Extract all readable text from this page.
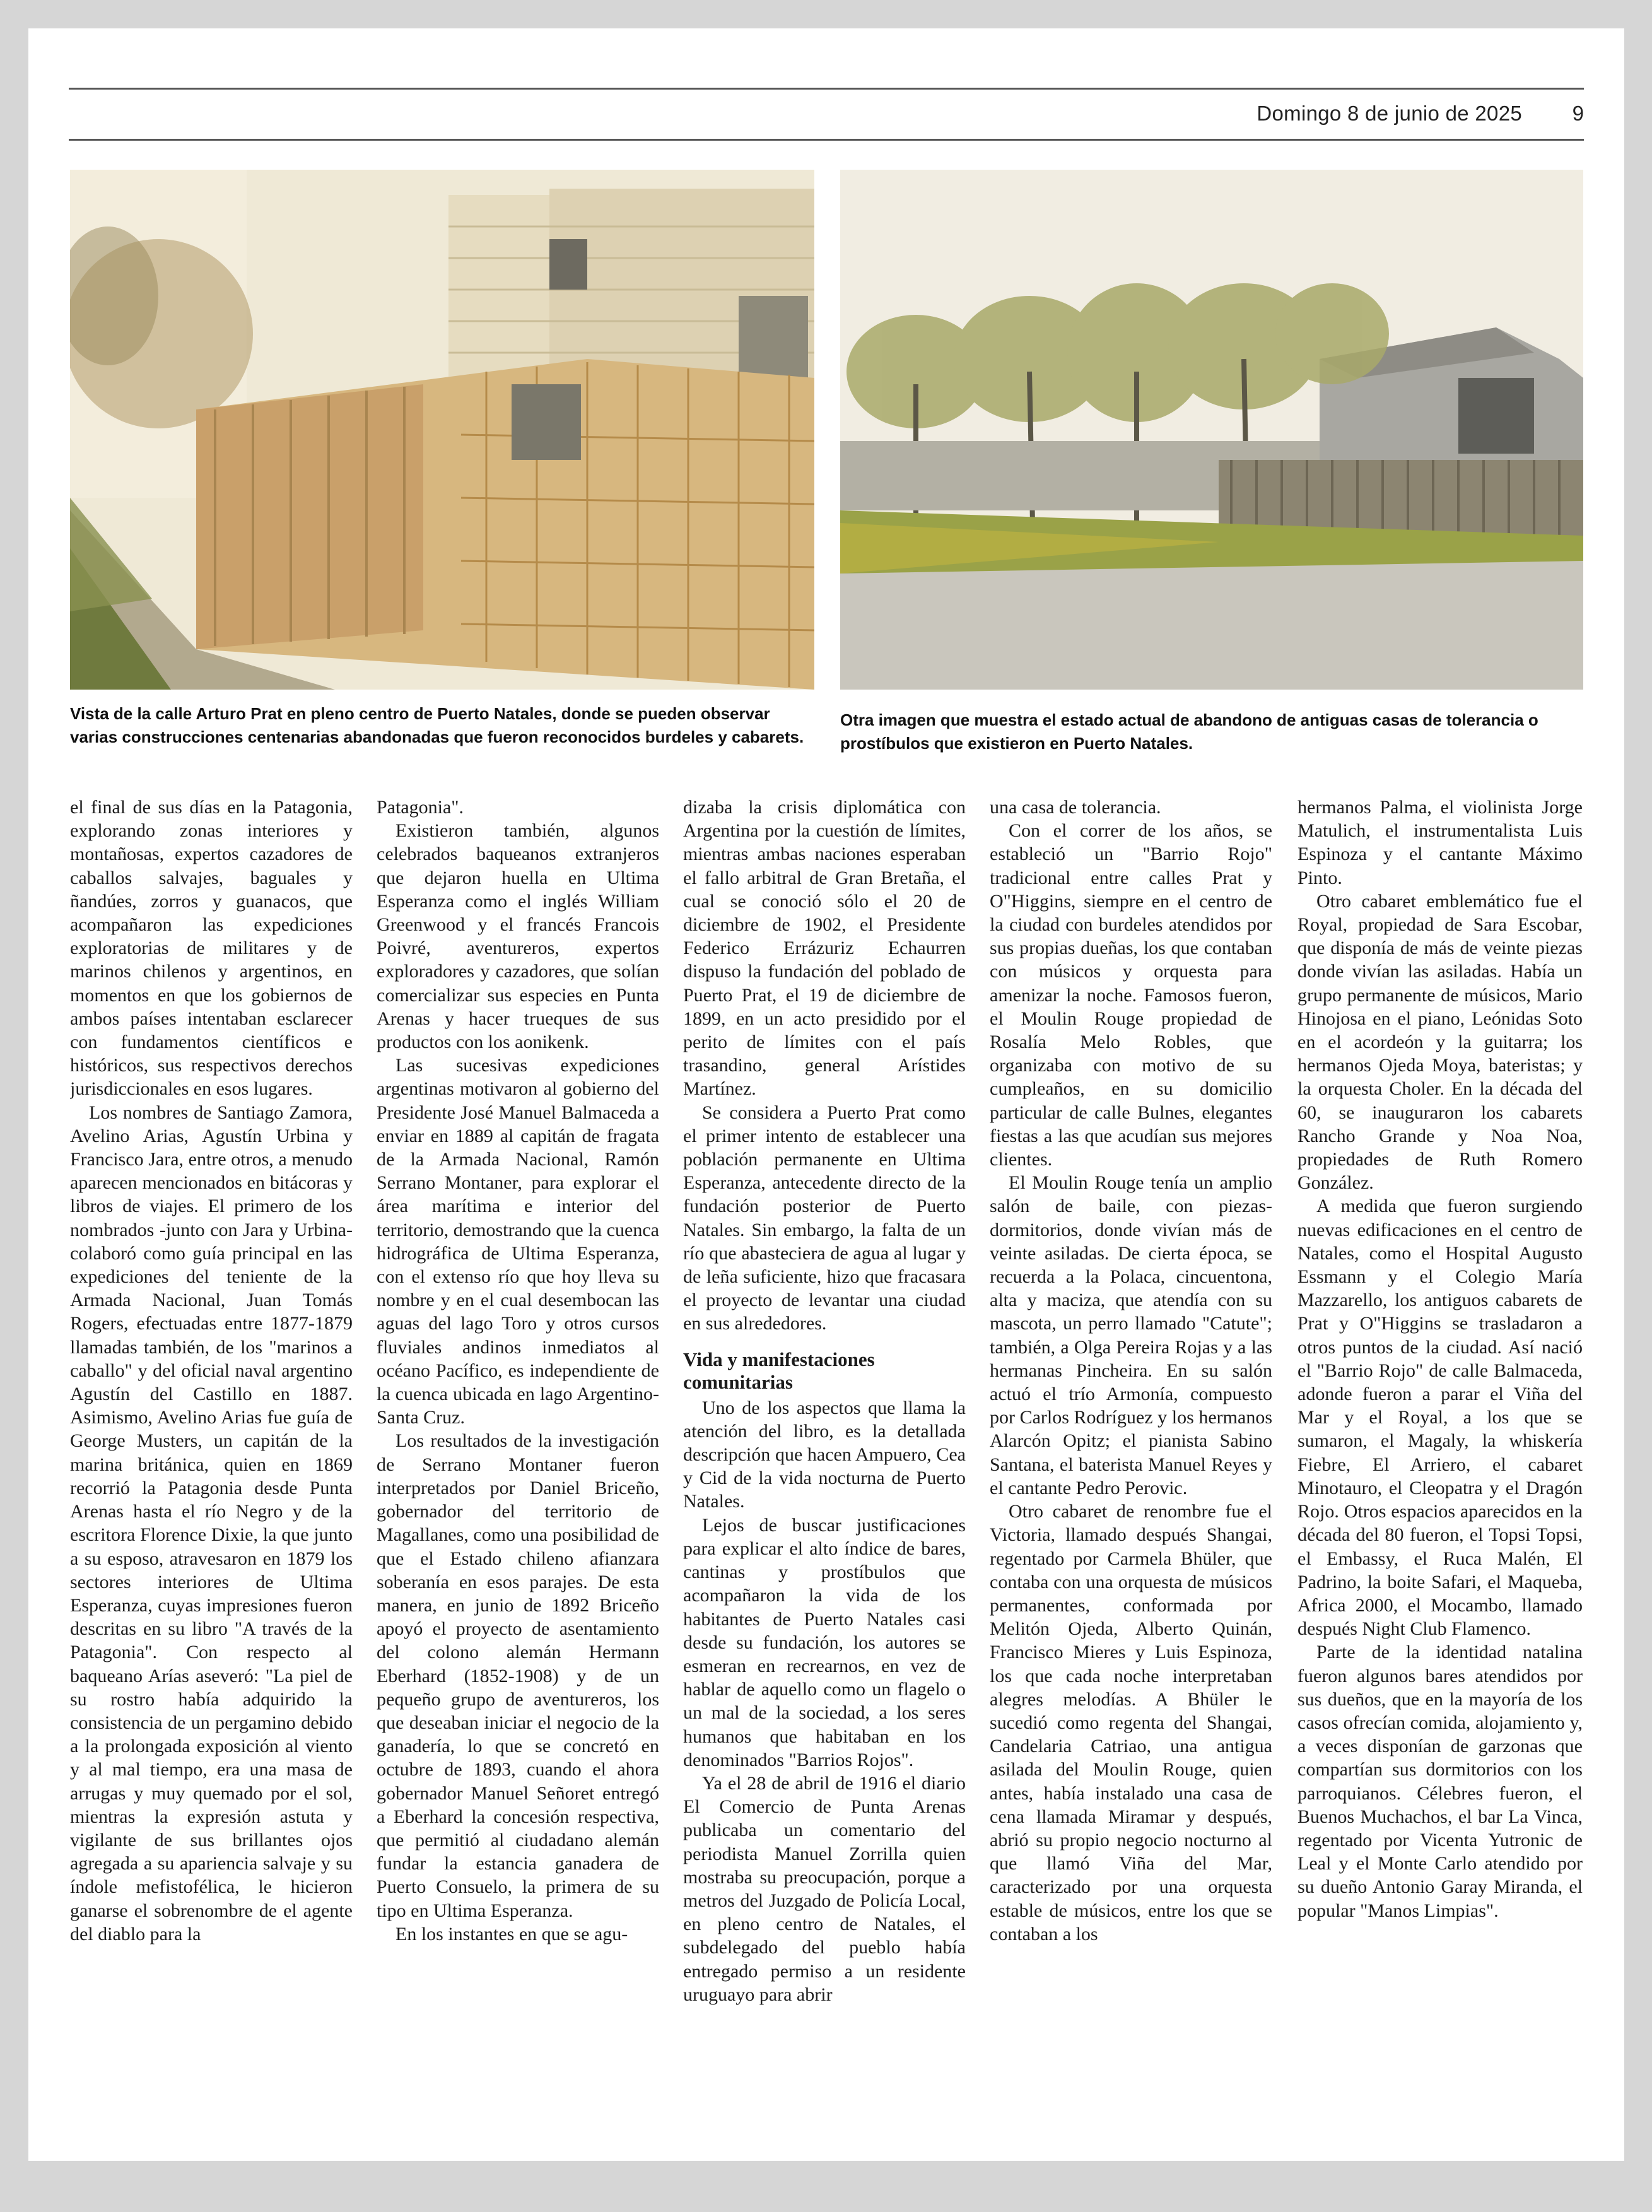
Domingo 8 de junio de 2025 9
Vista de la calle Arturo Prat en pleno centro de Puerto Natales, donde se pueden observar varias construcciones centenarias abandonadas que fueron reconocidos burdeles y cabarets.
Otra imagen que muestra el estado actual de abandono de antiguas casas de tolerancia o prostíbulos que existieron en Puerto Natales.

el final de sus días en la Patagonia, explorando zonas interiores y montañosas, expertos cazadores de caballos salvajes, baguales y ñandúes, zorros y guanacos, que acompañaron las expediciones exploratorias de militares y de marinos chilenos y argentinos, en momentos en que los gobiernos de ambos países intentaban esclarecer con fundamentos científicos e históricos, sus respectivos derechos jurisdiccionales en esos lugares.

Los nombres de Santiago Zamora, Avelino Arias, Agustín Urbina y Francisco Jara, entre otros, a menudo aparecen mencionados en bitácoras y libros de viajes. El primero de los nombrados -junto con Jara y Urbina- colaboró como guía principal en las expediciones del teniente de la Armada Nacional, Juan Tomás Rogers, efectuadas entre 1877-1879 llamadas también, de los "marinos a caballo" y del oficial naval argentino Agustín del Castillo en 1887. Asimismo, Avelino Arias fue guía de George Musters, un capitán de la marina británica, quien en 1869 recorrió la Patagonia desde Punta Arenas hasta el río Negro y de la escritora Florence Dixie, la que junto a su esposo, atravesaron en 1879 los sectores interiores de Ultima Esperanza, cuyas impresiones fueron descritas en su libro "A través de la Patagonia". Con respecto al baqueano Arías aseveró: "La piel de su rostro había adquirido la consistencia de un pergamino debido a la prolongada exposición al viento y al mal tiempo, era una masa de arrugas y muy quemado por el sol, mientras la expresión astuta y vigilante de sus brillantes ojos agregada a su apariencia salvaje y su índole mefistofélica, le hicieron ganarse el sobrenombre de el agente del diablo para la

Patagonia".

Existieron también, algunos celebrados baqueanos extranjeros que dejaron huella en Ultima Esperanza como el inglés William Greenwood y el francés Francois Poivré, aventureros, expertos exploradores y cazadores, que solían comercializar sus especies en Punta Arenas y hacer trueques de sus productos con los aonikenk.

Las sucesivas expediciones argentinas motivaron al gobierno del Presidente José Manuel Balmaceda a enviar en 1889 al capitán de fragata de la Armada Nacional, Ramón Serrano Montaner, para explorar el área marítima e interior del territorio, demostrando que la cuenca hidrográfica de Ultima Esperanza, con el extenso río que hoy lleva su nombre y en el cual desembocan las aguas del lago Toro y otros cursos fluviales andinos inmediatos al océano Pacífico, es independiente de la cuenca ubicada en lago Argentino-Santa Cruz.

Los resultados de la investigación de Serrano Montaner fueron interpretados por Daniel Briceño, gobernador del territorio de Magallanes, como una posibilidad de que el Estado chileno afianzara soberanía en esos parajes. De esta manera, en junio de 1892 Briceño apoyó el proyecto de asentamiento del colono alemán Hermann Eberhard (1852-1908) y de un pequeño grupo de aventureros, los que deseaban iniciar el negocio de la ganadería, lo que se concretó en octubre de 1893, cuando el ahora gobernador Manuel Señoret entregó a Eberhard la concesión respectiva, que permitió al ciudadano alemán fundar la estancia ganadera de Puerto Consuelo, la primera de su tipo en Ultima Esperanza.

En los instantes en que se agu-

dizaba la crisis diplomática con Argentina por la cuestión de límites, mientras ambas naciones esperaban el fallo arbitral de Gran Bretaña, el cual se conoció sólo el 20 de diciembre de 1902, el Presidente Federico Errázuriz Echaurren dispuso la fundación del poblado de Puerto Prat, el 19 de diciembre de 1899, en un acto presidido por el perito de límites con el país trasandino, general Arístides Martínez.

Se considera a Puerto Prat como el primer intento de establecer una población permanente en Ultima Esperanza, antecedente directo de la fundación posterior de Puerto Natales. Sin embargo, la falta de un río que abasteciera de agua al lugar y de leña suficiente, hizo que fracasara el proyecto de levantar una ciudad en sus alrededores.

Vida y manifestaciones comunitarias

Uno de los aspectos que llama la atención del libro, es la detallada descripción que hacen Ampuero, Cea y Cid de la vida nocturna de Puerto Natales.

Lejos de buscar justificaciones para explicar el alto índice de bares, cantinas y prostíbulos que acompañaron la vida de los habitantes de Puerto Natales casi desde su fundación, los autores se esmeran en recrearnos, en vez de hablar de aquello como un flagelo o un mal de la sociedad, a los seres humanos que habitaban en los denominados "Barrios Rojos".

Ya el 28 de abril de 1916 el diario El Comercio de Punta Arenas publicaba un comentario del periodista Manuel Zorrilla quien mostraba su preocupación, porque a metros del Juzgado de Policía Local, en pleno centro de Natales, el subdelegado del pueblo había entregado permiso a un residente uruguayo para abrir

una casa de tolerancia.

Con el correr de los años, se estableció un "Barrio Rojo" tradicional entre calles Prat y O"Higgins, siempre en el centro de la ciudad con burdeles atendidos por sus propias dueñas, los que contaban con músicos y orquesta para amenizar la noche. Famosos fueron, el Moulin Rouge propiedad de Rosalía Melo Robles, que organizaba con motivo de su cumpleaños, en su domicilio particular de calle Bulnes, elegantes fiestas a las que acudían sus mejores clientes.

El Moulin Rouge tenía un amplio salón de baile, con piezas-dormitorios, donde vivían más de veinte asiladas. De cierta época, se recuerda a la Polaca, cincuentona, alta y maciza, que atendía con su mascota, un perro llamado "Catute"; también, a Olga Pereira Rojas y a las hermanas Pincheira. En su salón actuó el trío Armonía, compuesto por Carlos Rodríguez y los hermanos Alarcón Opitz; el pianista Sabino Santana, el baterista Manuel Reyes y el cantante Pedro Perovic.

Otro cabaret de renombre fue el Victoria, llamado después Shangai, regentado por Carmela Bhüler, que contaba con una orquesta de músicos permanentes, conformada por Melitón Ojeda, Alberto Quinán, Francisco Mieres y Luis Espinoza, los que cada noche interpretaban alegres melodías. A Bhüler le sucedió como regenta del Shangai, Candelaria Catriao, una antigua asilada del Moulin Rouge, quien antes, había instalado una casa de cena llamada Miramar y después, abrió su propio negocio nocturno al que llamó Viña del Mar, caracterizado por una orquesta estable de músicos, entre los que se contaban a los

hermanos Palma, el violinista Jorge Matulich, el instrumentalista Luis Espinoza y el cantante Máximo Pinto.

Otro cabaret emblemático fue el Royal, propiedad de Sara Escobar, que disponía de más de veinte piezas donde vivían las asiladas. Había un grupo permanente de músicos, Mario Hinojosa en el piano, Leónidas Soto en el acordeón y la guitarra; los hermanos Ojeda Moya, bateristas; y la orquesta Choler. En la década del 60, se inauguraron los cabarets Rancho Grande y Noa Noa, propiedades de Ruth Romero González.

A medida que fueron surgiendo nuevas edificaciones en el centro de Natales, como el Hospital Augusto Essmann y el Colegio María Mazzarello, los antiguos cabarets de Prat y O"Higgins se trasladaron a otros puntos de la ciudad. Así nació el "Barrio Rojo" de calle Balmaceda, adonde fueron a parar el Viña del Mar y el Royal, a los que se sumaron, el Magaly, la whiskería Fiebre, El Arriero, el cabaret Minotauro, el Cleopatra y el Dragón Rojo. Otros espacios aparecidos en la década del 80 fueron, el Topsi Topsi, el Embassy, el Ruca Malén, El Padrino, la boite Safari, el Maqueba, Africa 2000, el Mocambo, llamado después Night Club Flamenco.

Parte de la identidad natalina fueron algunos bares atendidos por sus dueños, que en la mayoría de los casos ofrecían comida, alojamiento y, a veces disponían de garzonas que compartían sus dormitorios con los parroquianos. Célebres fueron, el Buenos Muchachos, el bar La Vinca, regentado por Vicenta Yutronic de Leal y el Monte Carlo atendido por su dueño Antonio Garay Miranda, el popular "Manos Limpias".
